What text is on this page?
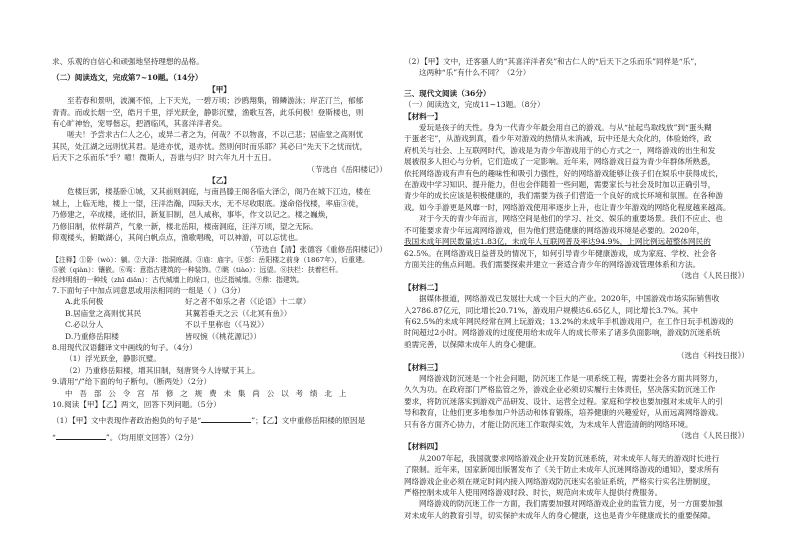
求、乐观的自信心和顽强地坚持理想的品格。
（二）阅读选文，完成第7~10题。（14分）
【甲】
至若春和景明，波澜不惊，上下天光，一碧万顷；沙鸥翔集，锦鳞游泳；岸芷汀兰，郁郁
青青。而或长烟一空，皓月千里，浮光跃金，静影沉璧，渔歌互答，此乐何极！登斯楼也，则
有心旷神怡，宠辱偕忘，把酒临风，其喜洋洋者矣。
嗟夫！予尝求古仁人之心，或异二者之为，何哉？不以物喜，不以己悲；居庙堂之高则忧
其民，处江湖之远则忧其君。是进亦忧，退亦忧。然则何时而乐耶？其必曰“先天下之忧而忧，
后天下之乐而乐”乎？噫！微斯人，吾谁与归？时六年九月十五日。
（节选自《岳阳楼记》）
【乙】
危楼巨郭，楼基卧①城，又其前则洞庭，与南昌滕王阁各临大泽②，阁乃在城下江边，楼在
城上，上临无地，楼上一望，汪洋浩瀚，四际天水，无不尽收眼底。遂命俗伐楼，率庙③徒，
乃修建之，卒成楼，迹依旧，新复旧制，邑人咸称，事毕，作文以记之。楼之巍焕，
乃修旧制，依样葫芦，气象一新，楼北岳阳，楼南洞庭，汪洋万顷，望之无际。
仰观楼头，俯瞰湖心，其间白帆点点，渔歌唱晚，可以神游，可以忘忧也。
（节选自【清】张德容《重修岳阳楼记》）
【注释】①卧（wò）：躺。②大泽：指洞庭湖。③庙：庙宇。④彭：岳阳楼之前身（1867年），后重建。
⑤嵌（qiàn）：镶嵌。⑥鸾：意指古建筑的一种装饰。⑦眺（tiào）：远望。⑧扶栏：扶着栏杆。
经纬明细的一种线（zhī diǎn）：古代城墙上的垛口，也泛指城墙。⑨鼎：指建筑。
7.下面句子中加点词意思或用法相同的一组是（ ）（3分）
A.此乐何极	好之者不如乐之者（《论语》十二章）
B.居庙堂之高则忧其民	其翼若垂天之云（《北冥有鱼》）
C.必以分人	不以千里称也（《马说》）
D.乃重修岳阳楼	皆叹惋（《桃花源记》）
8.用现代汉语翻译文中画线的句子。（4分）
（1）浮光跃金，静影沉璧。
（2）乃重修岳阳楼，增其旧制，刻唐贤今人诗赋于其上。
9.请用“/”给下面的句子断句。（断两处）（2分）
中 吾 部 公 令 宫 吊 修 之 规 费 未 集 尚 公 以 考 绩 北 上
10.阅读【甲】【乙】两文，回答下列问题。（5分）
（1）【甲】文中表现作者政治抱负的句子是“	”；【乙】文中重修岳阳楼的原因是
“	”。（均用原文回答）（2分）
（2）【甲】文中，迁客骚人的“其喜洋洋者矣”和古仁人的“后天下之乐而乐”同样是“乐”，
这两种“乐”有什么不同？（2分）
三、现代文阅读（36分）
（一）阅读选文，完成11~13题。（8分）
【材料一】
爱玩是孩子的天性。身为一代青少年最会用自己的游戏。与从“扯起鸟取线放”到“蛋头糊
于蛋老宅”，从游戏到真，看少年对游戏的热情从未消减，玩中还是大众化的，体验始终，政
府机关与社会、上互联网时代，游戏是为青少年游戏用于的心方式之一，网络游戏的出生和发
展被很多人担心与分析，它们造成了一定影响。近年来，网络游戏日益为青少年群体所熟悉，
依托网络游戏有声有色的趣味性和吸引力强性，好的网络游戏能够让孩子们在娱乐中获得成长，
在游戏中学习知识、提升能力，但也会伴随着一些问题，需要家长与社会及时加以正确引导，
青少年的成长应该是积极健康的，我们需要为孩子们营造一个良好的成长环境和氛围。在各种游
戏。如今手游更是风靡一时，网络游戏使用率逐步上升，也让青少年游戏的网络化程度越来越高。
对于今天的青少年而言，网络空间是他们的学习、社交、娱乐的重要场景。我们不应止、也
不可能要求青少年远离网络游戏，但为他们营造健康的网络游戏环境是必要的。2020年，
我国未成年网民数量达1.83亿，未成年人互联网普及率达94.9%，上网比例远超整体网民的
62.5%。在网络游戏日益普及的情况下，如何引导青少年健康游戏，成为家庭、学校、社会各
方面关注的焦点问题。我们需要探索并建立一套适合青少年的网络游戏管理体系和方法。
（选自《人民日报》）
【材料二】
据媒体报道，网络游戏已发展壮大成一个巨大的产业。2020年，中国游戏市场实际销售收
入2786.87亿元，同比增长20.71%，游戏用户规模达6.65亿人，同比增长3.7%。其中
有62.5%的未成年网民经常在网上玩游戏；13.2%的未成年手机游戏用户，在工作日玩手机游戏的
时间超过2小时。网络游戏的过度使用给未成年人的成长带来了诸多负面影响，游戏防沉迷系统
亟需完善，以保障未成年人的身心健康。
（选自《科技日报》）
【材料三】
网络游戏防沉迷是一个社会问题，防沉迷工作是一项系统工程，需要社会各方面共同努力，
久久为功。在政府部门严格监管之外，游戏企业必须切实履行主体责任，坚决落实防沉迷工作
要求，将防沉迷落实到游戏产品研发、设计、运营全过程。家庭和学校也要加强对未成年人的引
导和教育，让他们更多地参加户外活动和体育锻炼，培养健康的兴趣爱好，从而远离网络游戏。
只有各方面齐心协力，才能让防沉迷工作取得实效，为未成年人营造清朗的网络环境。
（选自《人民日报》）
【材料四】
从2007年起，我国就要求网络游戏企业开发防沉迷系统，对未成年人每天的游戏时长进行
了限制。近年来，国家新闻出版署发布了《关于防止未成年人沉迷网络游戏的通知》，要求所有
网络游戏企业必须在规定时间内接入网络游戏防沉迷实名验证系统，严格实行实名注册制度，
严格控制未成年人使用网络游戏时段、时长，规范向未成年人提供付费服务。
网络游戏的防沉迷工作一方面，我们需要加强对网络游戏企业的监管力度，另一方面要加强
对未成年人的教育引导，切实保护未成年人的身心健康，这也是青少年健康成长的重要保障。
